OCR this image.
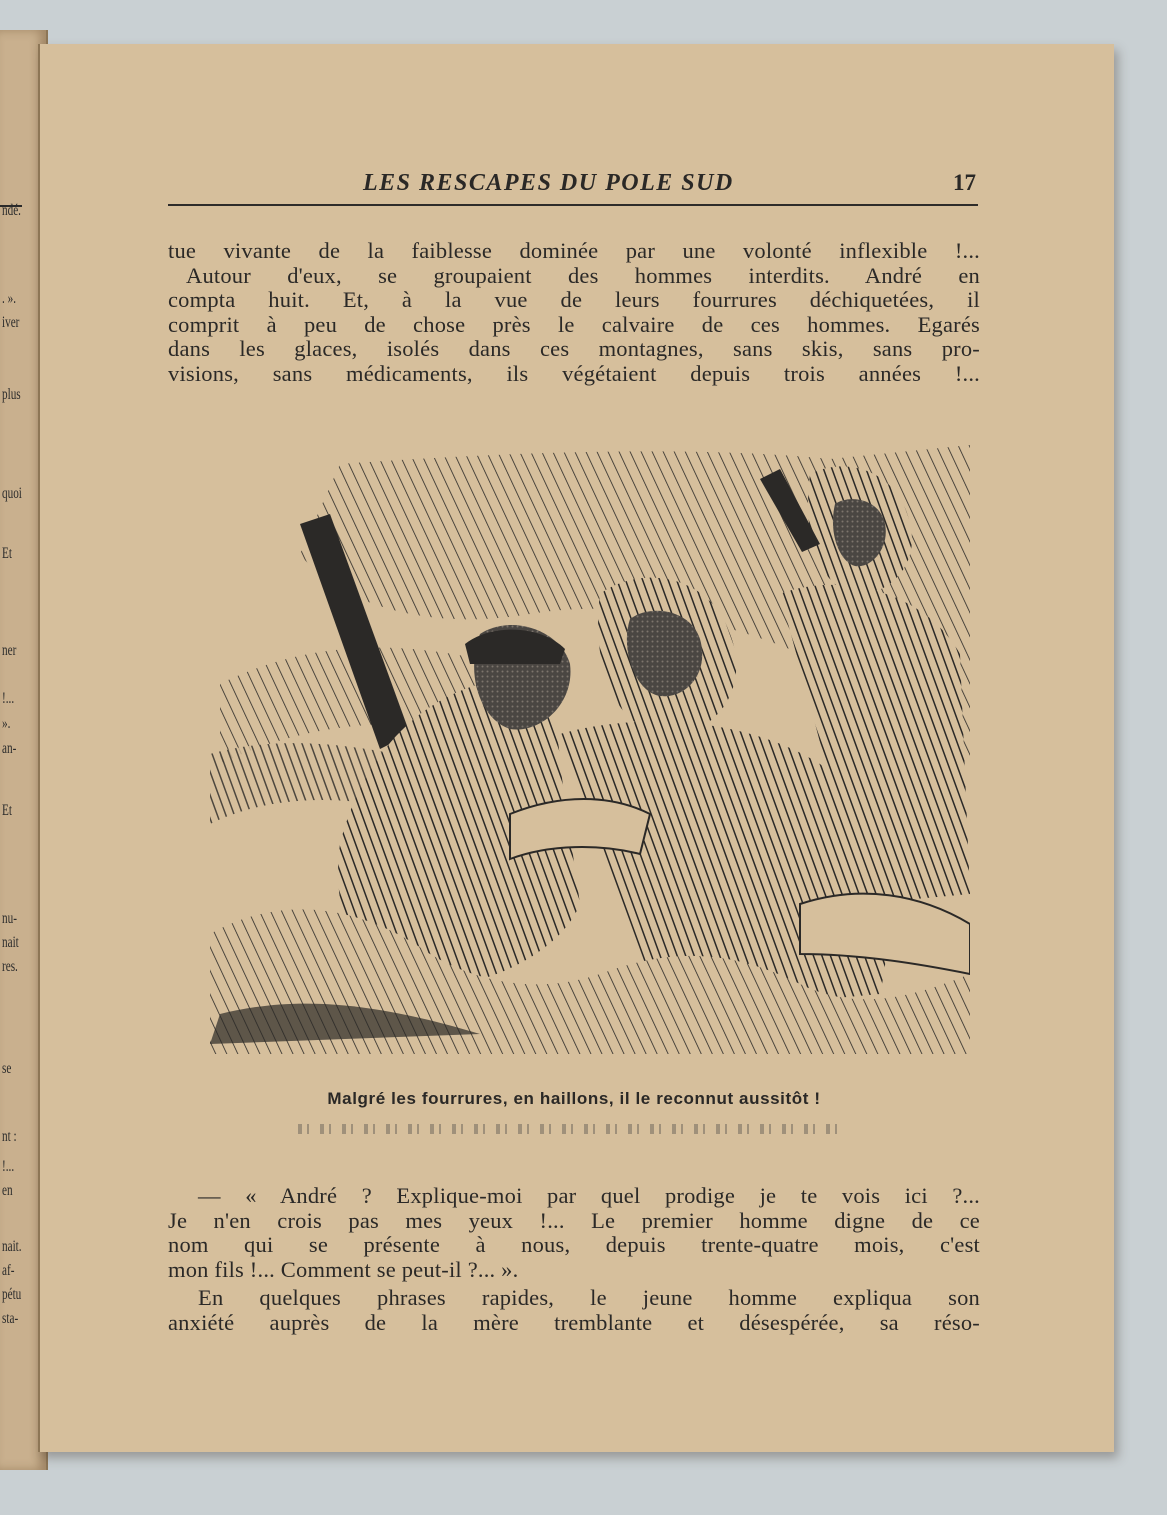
ndé.
. ».
iver
plus
quoi
Et
ner
!...
».
an-
Et
nu-
nait
res.
se
nt :
!...
en
nait.
af-
pétu
sta-
LES RESCAPES DU POLE SUD	17
tue vivante de la faiblesse dominée par une volonté inflexible !...
Autour d'eux, se groupaient des hommes interdits. André en
compta huit. Et, à la vue de leurs fourrures déchiquetées, il
comprit à peu de chose près le calvaire de ces hommes. Egarés
dans les glaces, isolés dans ces montagnes, sans skis, sans pro-
visions, sans médicaments, ils végétaient depuis trois années !...
Malgré les fourrures, en haillons, il le reconnut aussitôt !
— « André ? Explique-moi par quel prodige je te vois ici ?...
Je n'en crois pas mes yeux !... Le premier homme digne de ce
nom qui se présente à nous, depuis trente-quatre mois, c'est
mon fils !... Comment se peut-il ?... ».
En quelques phrases rapides, le jeune homme expliqua son
anxiété auprès de la mère tremblante et désespérée, sa réso-
